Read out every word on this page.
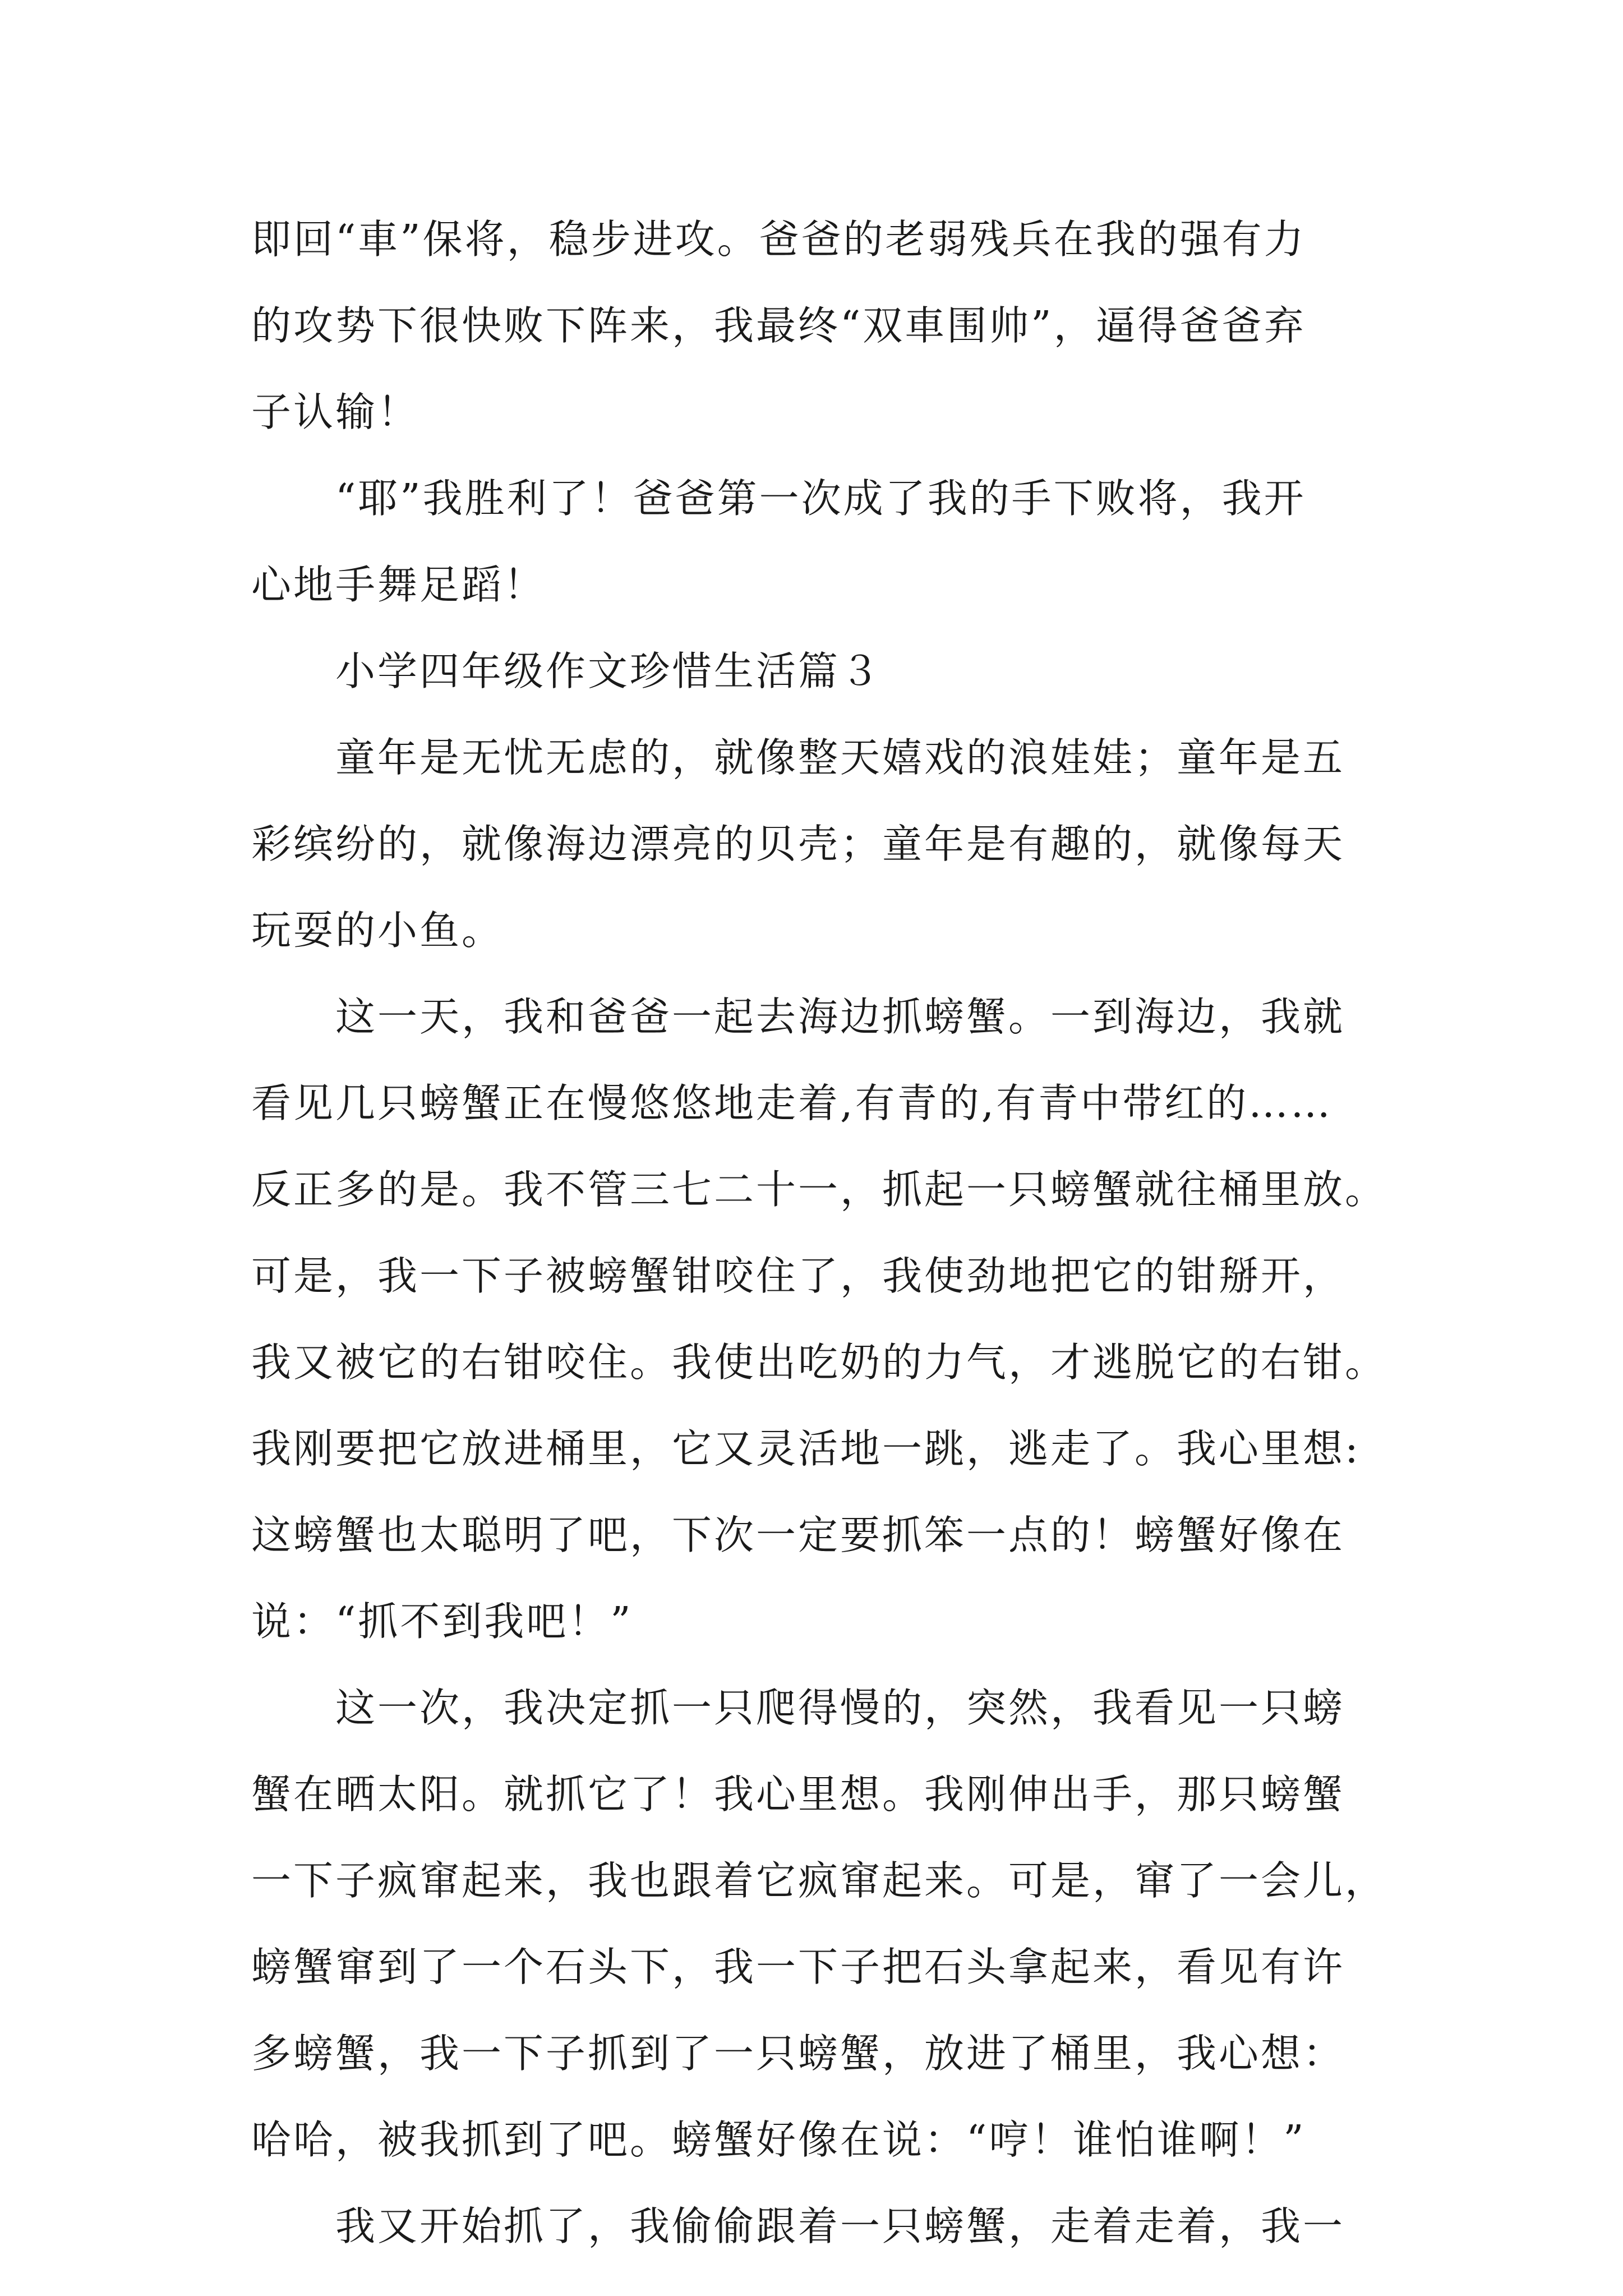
即回“車”保将，稳步进攻。爸爸的老弱残兵在我的强有力
的攻势下很快败下阵来，我最终“双車围帅”，逼得爸爸弃
子认输！
　　“耶”我胜利了！爸爸第一次成了我的手下败将，我开
心地手舞足蹈！
　　小学四年级作文珍惜生活篇３
　　童年是无忧无虑的，就像整天嬉戏的浪娃娃；童年是五
彩缤纷的，就像海边漂亮的贝壳；童年是有趣的，就像每天
玩耍的小鱼。
　　这一天，我和爸爸一起去海边抓螃蟹。一到海边，我就
看见几只螃蟹正在慢悠悠地走着,有青的,有青中带红的……
反正多的是。我不管三七二十一，抓起一只螃蟹就往桶里放。
可是，我一下子被螃蟹钳咬住了，我使劲地把它的钳掰开，
我又被它的右钳咬住。我使出吃奶的力气，才逃脱它的右钳。
我刚要把它放进桶里，它又灵活地一跳，逃走了。我心里想:
这螃蟹也太聪明了吧，下次一定要抓笨一点的！螃蟹好像在
说：“抓不到我吧！”
　　这一次，我决定抓一只爬得慢的，突然，我看见一只螃
蟹在晒太阳。就抓它了！我心里想。我刚伸出手，那只螃蟹
一下子疯窜起来，我也跟着它疯窜起来。可是，窜了一会儿，
螃蟹窜到了一个石头下，我一下子把石头拿起来，看见有许
多螃蟹，我一下子抓到了一只螃蟹，放进了桶里，我心想：
哈哈，被我抓到了吧。螃蟹好像在说：“哼！谁怕谁啊！”
　　我又开始抓了，我偷偷跟着一只螃蟹，走着走着，我一
